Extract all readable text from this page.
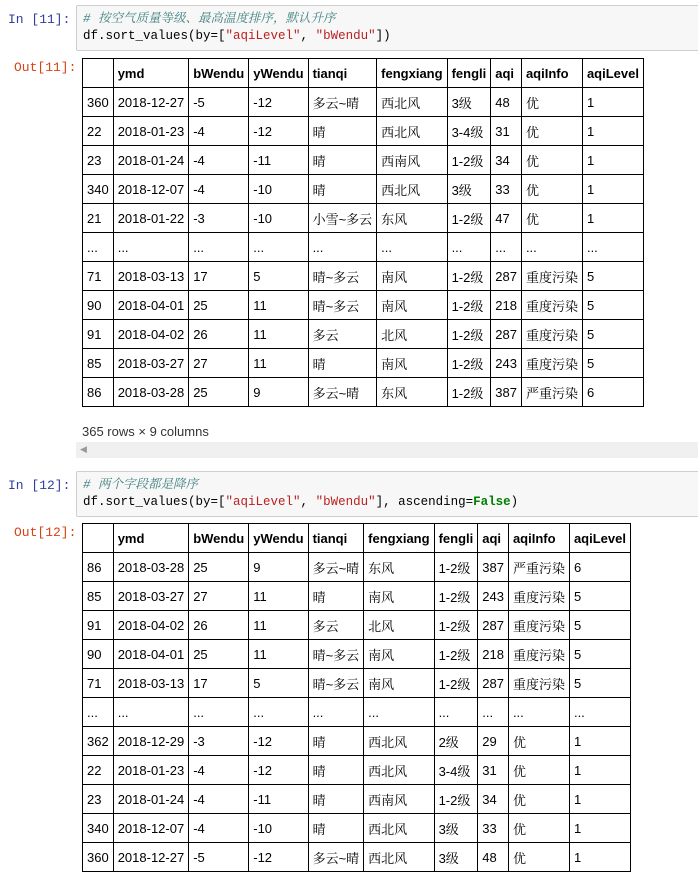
In [11]: # 按空气质量等级、最高温度排序，默认升序
df.sort_values(by=["aqiLevel", "bWendu"])
Out[11]:
		ymd	bWendu	yWendu	tianqi	fengxiang	fengli	aqi	aqiInfo	aqiLevel
360	2018-12-27	-5	-12	多云~晴	西北风	3级	48	优	1
22	2018-01-23	-4	-12	晴	西北风	3-4级	31	优	1
23	2018-01-24	-4	-11	晴	西南风	1-2级	34	优	1
340	2018-12-07	-4	-10	晴	西北风	3级	33	优	1
21	2018-01-22	-3	-10	小雪~多云	东风	1-2级	47	优	1
...	...	...	...	...	...	...	...	...	...
71	2018-03-13	17	5	晴~多云	南风	1-2级	287	重度污染	5
90	2018-04-01	25	11	晴~多云	南风	1-2级	218	重度污染	5
91	2018-04-02	26	11	多云	北风	1-2级	287	重度污染	5
85	2018-03-27	27	11	晴	南风	1-2级	243	重度污染	5
86	2018-03-28	25	9	多云~晴	东风	1-2级	387	严重污染	6
365 rows × 9 columns
◀
In [12]: # 两个字段都是降序
df.sort_values(by=["aqiLevel", "bWendu"], ascending=False)
Out[12]:
		ymd	bWendu	yWendu	tianqi	fengxiang	fengli	aqi	aqiInfo	aqiLevel
86	2018-03-28	25	9	多云~晴	东风	1-2级	387	严重污染	6
85	2018-03-27	27	11	晴	南风	1-2级	243	重度污染	5
91	2018-04-02	26	11	多云	北风	1-2级	287	重度污染	5
90	2018-04-01	25	11	晴~多云	南风	1-2级	218	重度污染	5
71	2018-03-13	17	5	晴~多云	南风	1-2级	287	重度污染	5
...	...	...	...	...	...	...	...	...	...
362	2018-12-29	-3	-12	晴	西北风	2级	29	优	1
22	2018-01-23	-4	-12	晴	西北风	3-4级	31	优	1
23	2018-01-24	-4	-11	晴	西南风	1-2级	34	优	1
340	2018-12-07	-4	-10	晴	西北风	3级	33	优	1
360	2018-12-27	-5	-12	多云~晴	西北风	3级	48	优	1
